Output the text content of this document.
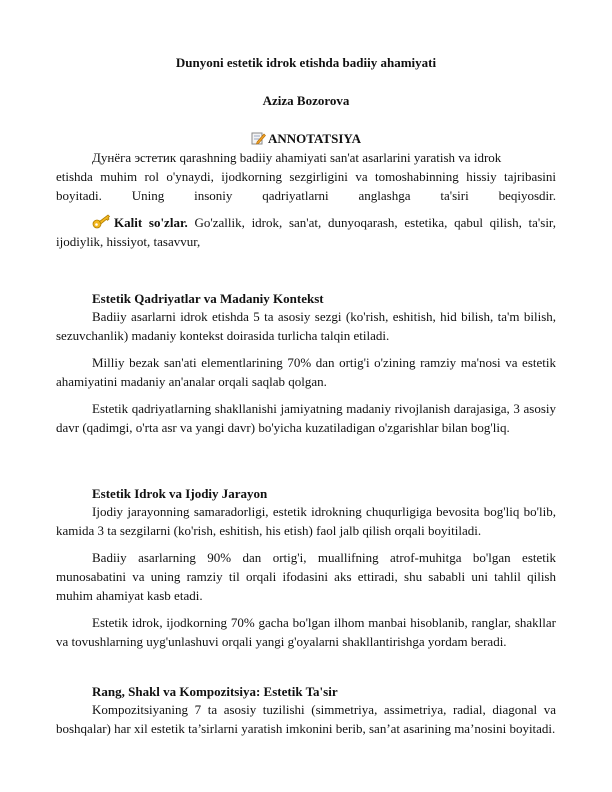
Dunyoni estetik idrok etishda badiiy ahamiyati
Aziza Bozorova
ANNOTATSIYA
Дунёга эстетик qarashning badiiy ahamiyati san'at asarlarini yaratish va idrok
etishda muhim rol o'ynaydi, ijodkorning sezgirligini va tomoshabinning hissiy tajribasini
boyitadi. Uning insoniy qadriyatlarni anglashga ta'siri beqiyosdir.
Kalit so'zlar. Go'zallik, idrok, san'at, dunyoqarash, estetika, qabul qilish, ta'sir, ijodiylik, hissiyot, tasavvur,
Estetik Qadriyatlar va Madaniy Kontekst
Badiiy asarlarni idrok etishda 5 ta asosiy sezgi (ko'rish, eshitish, hid bilish, ta'm bilish, sezuvchanlik) madaniy kontekst doirasida turlicha talqin etiladi.
Milliy bezak san'ati elementlarining 70% dan ortig'i o'zining ramziy ma'nosi va estetik ahamiyatini madaniy an'analar orqali saqlab qolgan.
Estetik qadriyatlarning shakllanishi jamiyatning madaniy rivojlanish darajasiga, 3 asosiy davr (qadimgi, o'rta asr va yangi davr) bo'yicha kuzatiladigan o'zgarishlar bilan bog'liq.
Estetik Idrok va Ijodiy Jarayon
Ijodiy jarayonning samaradorligi, estetik idrokning chuqurligiga bevosita bog'liq bo'lib, kamida 3 ta sezgilarni (ko'rish, eshitish, his etish) faol jalb qilish orqali boyitiladi.
Badiiy asarlarning 90% dan ortig'i, muallifning atrof-muhitga bo'lgan estetik munosabatini va uning ramziy til orqali ifodasini aks ettiradi, shu sababli uni tahlil qilish muhim ahamiyat kasb etadi.
Estetik idrok, ijodkorning 70% gacha bo'lgan ilhom manbai hisoblanib, ranglar, shakllar va tovushlarning uyg'unlashuvi orqali yangi g'oyalarni shakllantirishga yordam beradi.
Rang, Shakl va Kompozitsiya: Estetik Ta'sir
Kompozitsiyaning 7 ta asosiy tuzilishi (simmetriya, assimetriya, radial, diagonal va boshqalar) har xil estetik ta’sirlarni yaratish imkonini berib, san’at asarining ma’nosini boyitadi.
